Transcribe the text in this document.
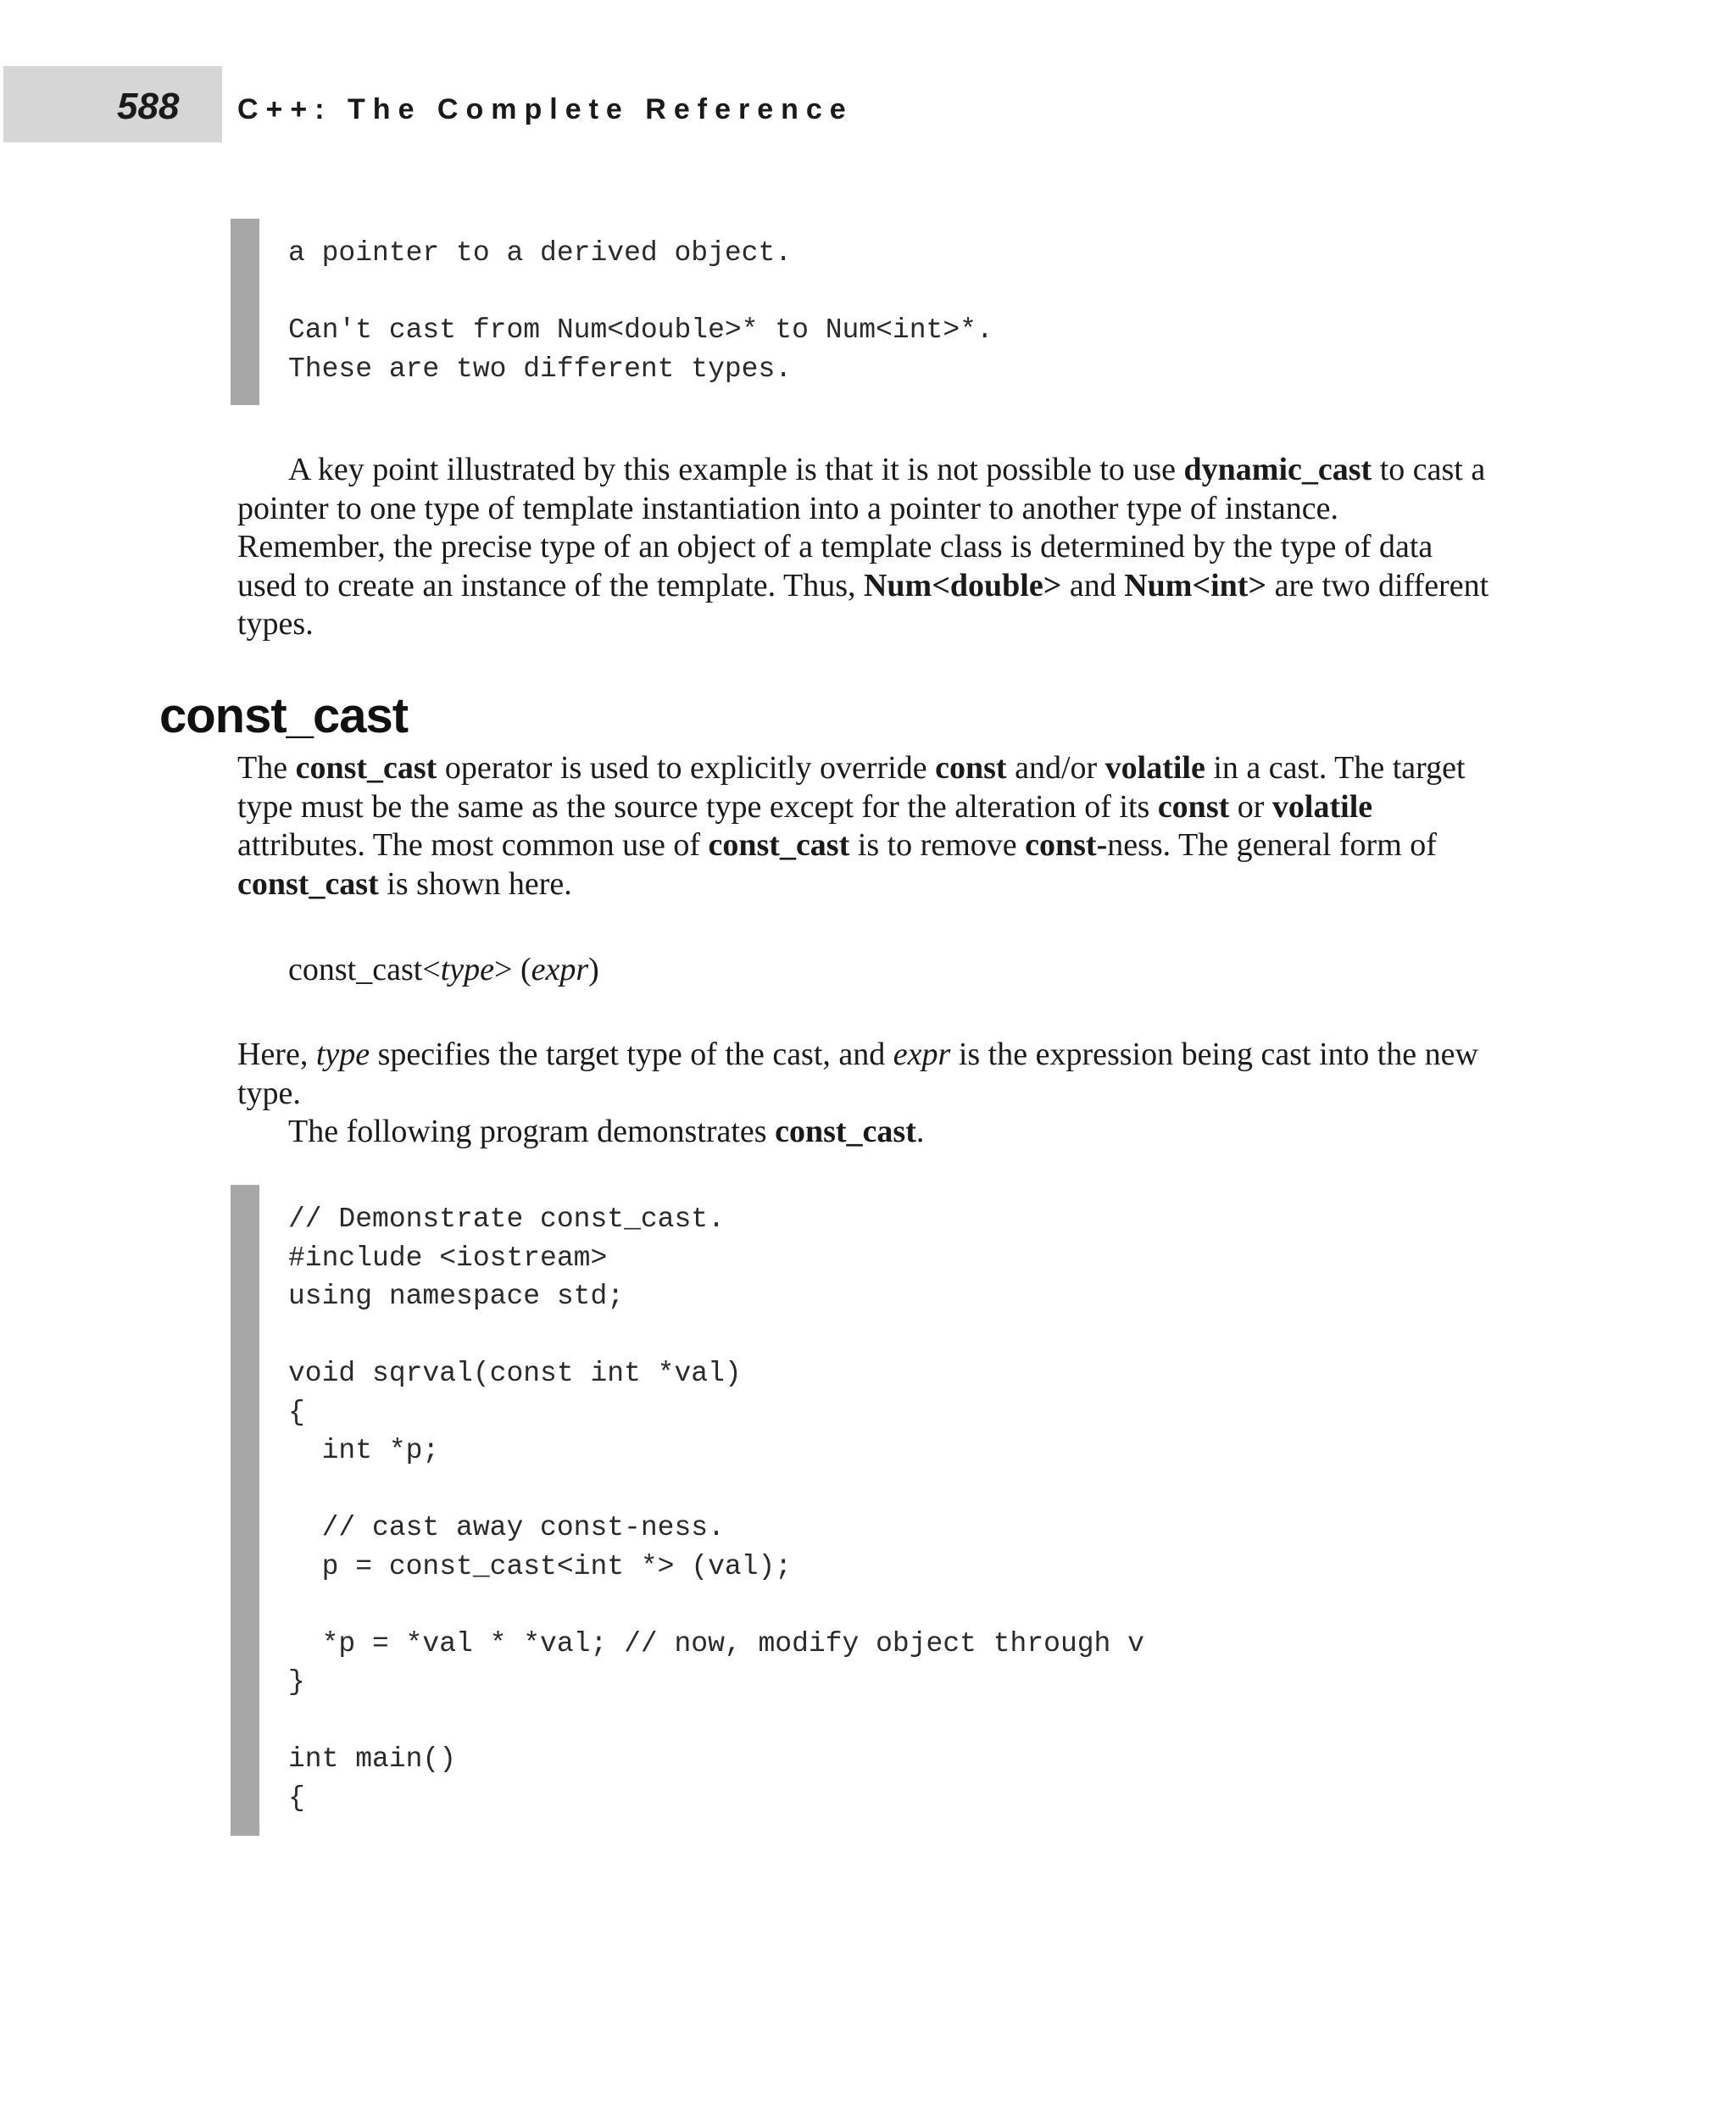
588 C++: The Complete Reference
a pointer to a derived object.
Can't cast from Num<double>* to Num<int>*.
These are two different types.

A key point illustrated by this example is that it is not possible to use dynamic_cast to cast a pointer to one type of template instantiation into a pointer to another type of instance. Remember, the precise type of an object of a template class is determined by the type of data used to create an instance of the template. Thus, Num<double> and Num<int> are two different types.

const_cast

The const_cast operator is used to explicitly override const and/or volatile in a cast. The target type must be the same as the source type except for the alteration of its const or volatile attributes. The most common use of const_cast is to remove const-ness. The general form of const_cast is shown here.

const_cast<type> (expr)

Here, type specifies the target type of the cast, and expr is the expression being cast into the new type.

The following program demonstrates const_cast.

// Demonstrate const_cast.
#include <iostream>
using namespace std;
void sqrval(const int *val)
{
int *p;
// cast away const-ness.
p = const_cast<int *> (val);
*p = *val * *val; // now, modify object through v
}
int main()
{
